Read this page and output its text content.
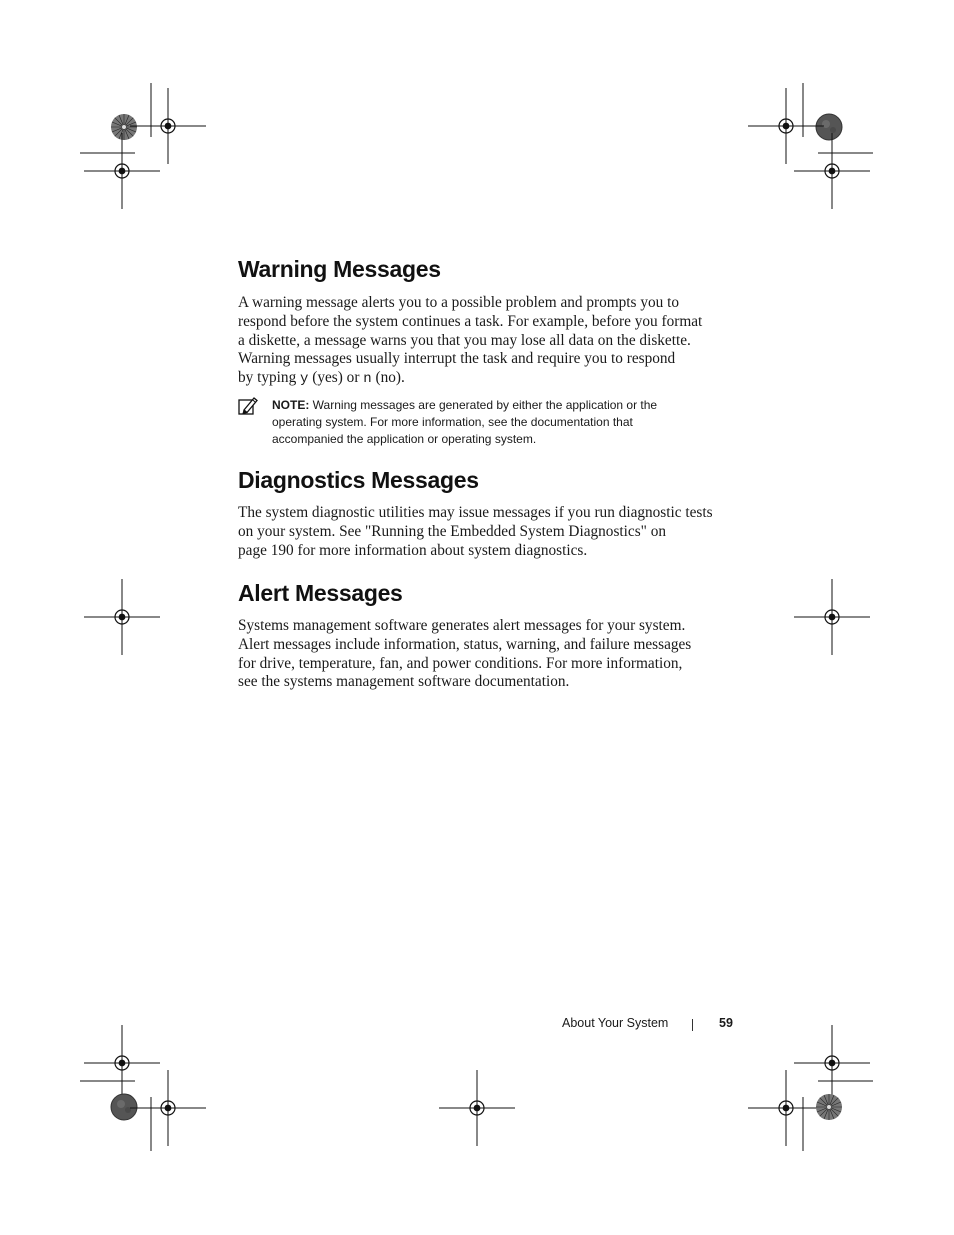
Warning Messages
A warning message alerts you to a possible problem and prompts you to
respond before the system continues a task. For example, before you format
a diskette, a message warns you that you may lose all data on the diskette.
Warning messages usually interrupt the task and require you to respond
by typing y (yes) or n (no).
NOTE: Warning messages are generated by either the application or the
operating system. For more information, see the documentation that
accompanied the application or operating system.
Diagnostics Messages
The system diagnostic utilities may issue messages if you run diagnostic tests
on your system. See "Running the Embedded System Diagnostics" on
page 190 for more information about system diagnostics.
Alert Messages
Systems management software generates alert messages for your system.
Alert messages include information, status, warning, and failure messages
for drive, temperature, fan, and power conditions. For more information,
see the systems management software documentation.
About Your System	59
